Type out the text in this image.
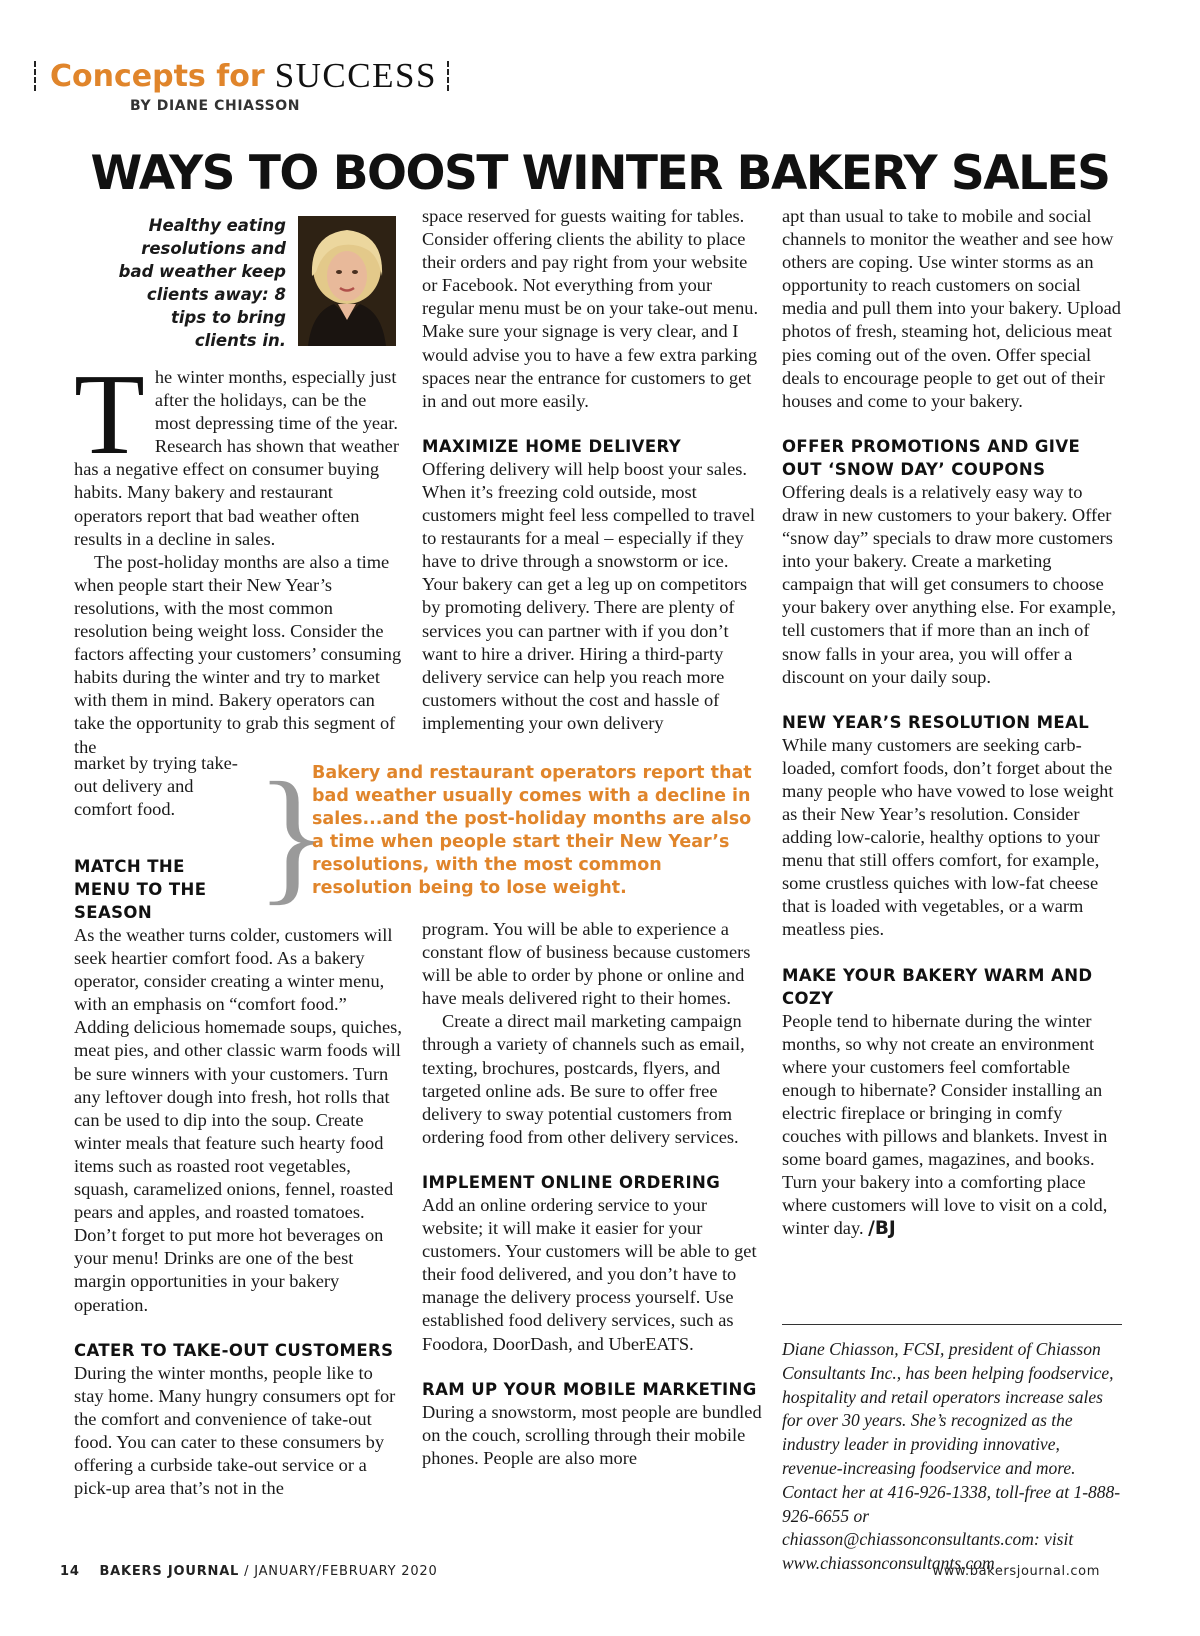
Concepts for SUCCESS
BY DIANE CHIASSON
WAYS TO BOOST WINTER BAKERY SALES
Healthy eating resolutions and bad weather keep clients away: 8 tips to bring clients in.
T he winter months, especially just after the holidays, can be the most depressing time of the year. Research has shown that weather has a negative effect on consumer buying habits. Many bakery and restaurant operators report that bad weather often results in a decline in sales.

The post-holiday months are also a time when people start their New Year’s resolutions, with the most common resolution being weight loss. Consider the factors affecting your customers’ consuming habits during the winter and try to market with them in mind. Bakery operators can take the opportunity to grab this segment of the

market by trying take-out delivery and comfort food.

MATCH THE MENU TO THE SEASON

As the weather turns colder, customers will seek heartier comfort food. As a bakery operator, consider creating a winter menu, with an emphasis on “comfort food.” Adding delicious homemade soups, quiches, meat pies, and other classic warm foods will be sure winners with your customers. Turn any leftover dough into fresh, hot rolls that can be used to dip into the soup. Create winter meals that feature such hearty food items such as roasted root vegetables, squash, caramelized onions, fennel, roasted pears and apples, and roasted tomatoes. Don’t forget to put more hot beverages on your menu! Drinks are one of the best margin opportunities in your bakery operation.

CATER TO TAKE-OUT CUSTOMERS

During the winter months, people like to stay home. Many hungry consumers opt for the comfort and convenience of take-out food. You can cater to these consumers by offering a curbside take-out service or a pick-up area that’s not in the

}
Bakery and restaurant operators report that bad weather usually comes with a decline in sales...and the post-holiday months are also a time when people start their New Year’s resolutions, with the most common resolution being to lose weight.

space reserved for guests waiting for tables. Consider offering clients the ability to place their orders and pay right from your website or Facebook. Not everything from your regular menu must be on your take-out menu. Make sure your signage is very clear, and I would advise you to have a few extra parking spaces near the entrance for customers to get in and out more easily.

MAXIMIZE HOME DELIVERY

Offering delivery will help boost your sales. When it’s freezing cold outside, most customers might feel less compelled to travel to restaurants for a meal – especially if they have to drive through a snowstorm or ice. Your bakery can get a leg up on competitors by promoting delivery. There are plenty of services you can partner with if you don’t want to hire a driver. Hiring a third-party delivery service can help you reach more customers without the cost and hassle of implementing your own delivery

program. You will be able to experience a constant flow of business because customers will be able to order by phone or online and have meals delivered right to their homes.

Create a direct mail marketing campaign through a variety of channels such as email, texting, brochures, postcards, flyers, and targeted online ads. Be sure to offer free delivery to sway potential customers from ordering food from other delivery services.

IMPLEMENT ONLINE ORDERING

Add an online ordering service to your website; it will make it easier for your customers. Your customers will be able to get their food delivered, and you don’t have to manage the delivery process yourself. Use established food delivery services, such as Foodora, DoorDash, and UberEATS.

RAM UP YOUR MOBILE MARKETING

During a snowstorm, most people are bundled on the couch, scrolling through their mobile phones. People are also more

apt than usual to take to mobile and social channels to monitor the weather and see how others are coping. Use winter storms as an opportunity to reach customers on social media and pull them into your bakery. Upload photos of fresh, steaming hot, delicious meat pies coming out of the oven. Offer special deals to encourage people to get out of their houses and come to your bakery.

OFFER PROMOTIONS AND GIVE OUT ‘SNOW DAY’ COUPONS

Offering deals is a relatively easy way to draw in new customers to your bakery. Offer “snow day” specials to draw more customers into your bakery. Create a marketing campaign that will get consumers to choose your bakery over anything else. For example, tell customers that if more than an inch of snow falls in your area, you will offer a discount on your daily soup.

NEW YEAR’S RESOLUTION MEAL

While many customers are seeking carb-loaded, comfort foods, don’t forget about the many people who have vowed to lose weight as their New Year’s resolution. Consider adding low-calorie, healthy options to your menu that still offers comfort, for example, some crustless quiches with low-fat cheese that is loaded with vegetables, or a warm meatless pies.

MAKE YOUR BAKERY WARM AND COZY

People tend to hibernate during the winter months, so why not create an environment where your customers feel comfortable enough to hibernate? Consider installing an electric fireplace or bringing in comfy couches with pillows and blankets. Invest in some board games, magazines, and books. Turn your bakery into a comforting place where customers will love to visit on a cold, winter day. /BJ

Diane Chiasson, FCSI, president of Chiasson Consultants Inc., has been helping foodservice, hospitality and retail operators increase sales for over 30 years. She’s recognized as the industry leader in providing innovative, revenue-increasing foodservice and more. Contact her at 416-926-1338, toll-free at 1-888-926-6655 or chiasson@chiassonconsultants.com: visit www.chiassonconsultants.com
14 BAKERS JOURNAL / JANUARY/FEBRUARY 2020	www.bakersjournal.com
